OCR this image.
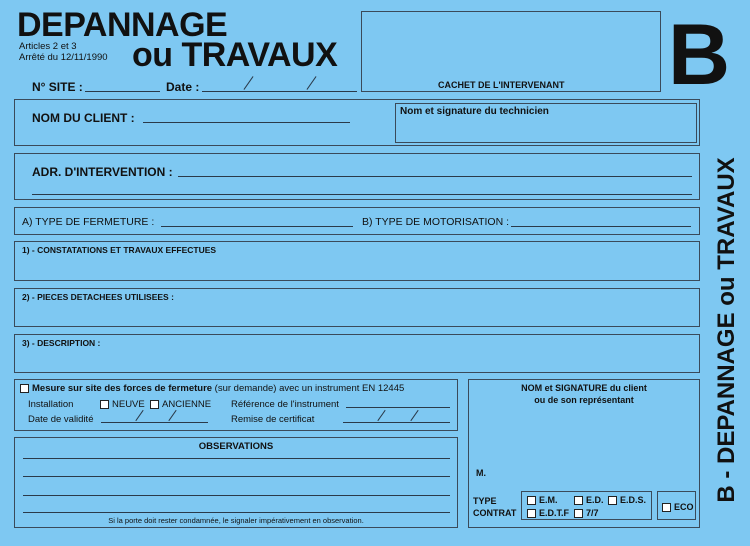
DEPANNAGE
Articles 2 et 3
Arrêté du 12/11/1990 ou TRAVAUX
CACHET DE L'INTERVENANT B
N° SITE :	Date :
NOM DU CLIENT :	Nom et signature du technicien
ADR. D'INTERVENTION :
A) TYPE DE FERMETURE :	B) TYPE DE MOTORISATION :
1) - CONSTATATIONS ET TRAVAUX EFFECTUES
2) - PIECES DETACHEES UTILISEES :
3) - DESCRIPTION :
Mesure sur site des forces de fermeture (sur demande) avec un instrument EN 12445
Installation	NEUVE	ANCIENNE Référence de l'instrument
Date de validité	Remise de certificat
OBSERVATIONS
Si la porte doit rester condamnée, le signaler impérativement en observation.
NOM et SIGNATURE du client
ou de son représentant
M.
TYPE
CONTRAT
E.M.	E.D.	E.D.S.
E.D.T.F	7/7
ECO
B - DEPANNAGE ou TRAVAUX
